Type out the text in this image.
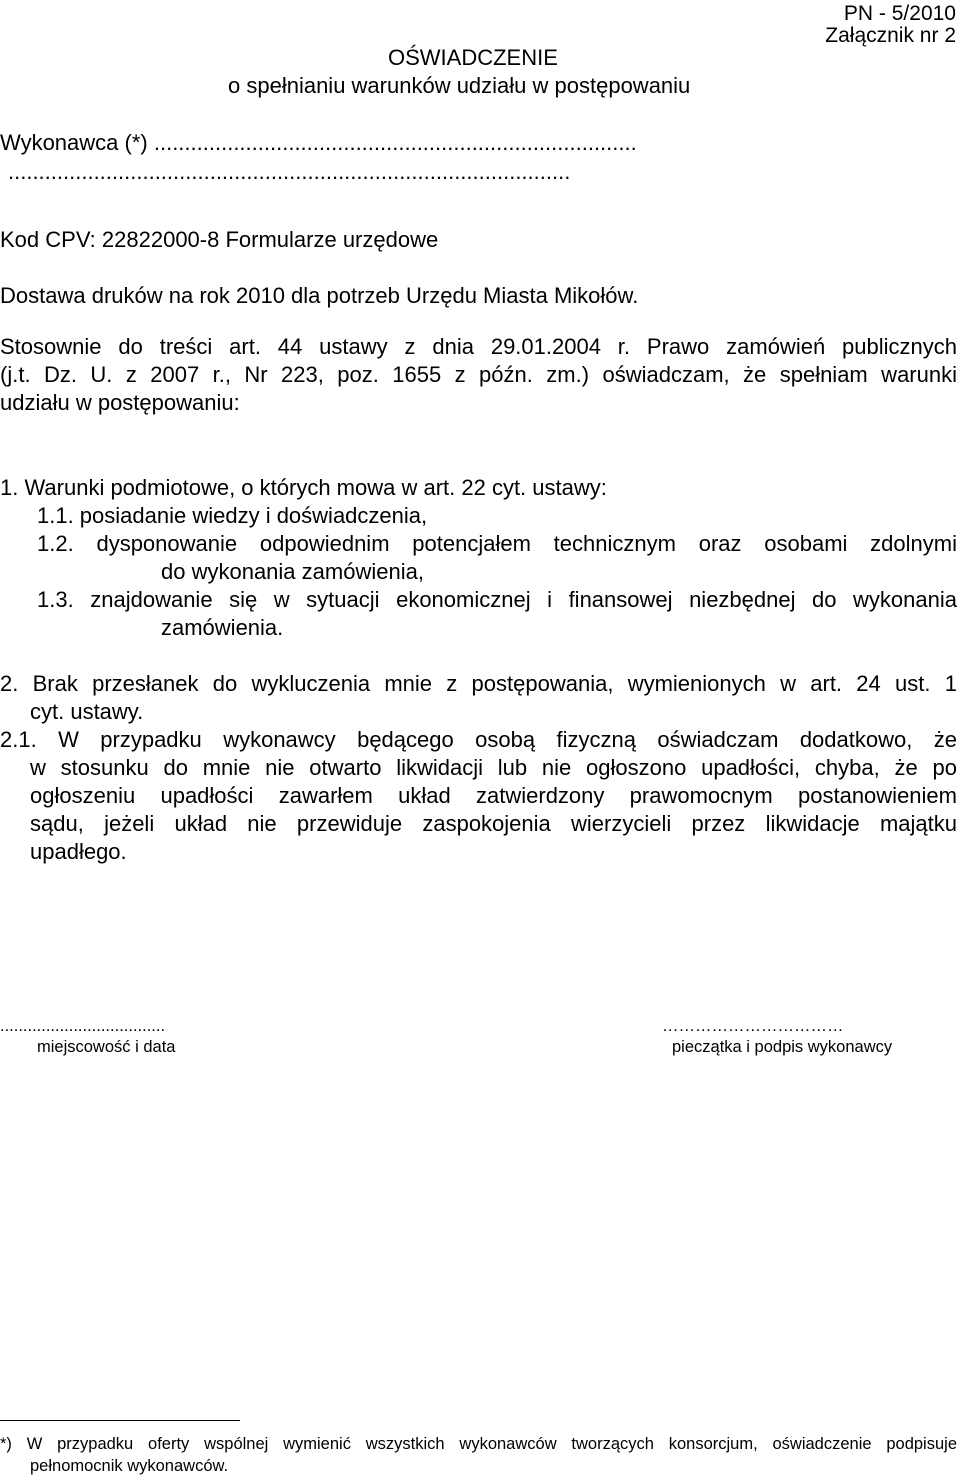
PN - 5/2010
Załącznik nr 2
OŚWIADCZENIE
o spełnianiu warunków udziału w postępowaniu
Wykonawca (*) ...............................................................................
............................................................................................
Kod CPV: 22822000-8 Formularze urzędowe
Dostawa druków na rok 2010 dla potrzeb Urzędu Miasta Mikołów.
Stosownie do treści art. 44 ustawy z dnia 29.01.2004 r. Prawo zamówień publicznych
(j.t. Dz. U. z 2007 r., Nr 223, poz. 1655 z późn. zm.) oświadczam, że spełniam warunki
udziału w postępowaniu:
1. Warunki podmiotowe, o których mowa w art. 22 cyt. ustawy:
1.1. posiadanie wiedzy i doświadczenia,
1.2. dysponowanie odpowiednim potencjałem technicznym oraz osobami zdolnymi
do wykonania zamówienia,
1.3. znajdowanie się w sytuacji ekonomicznej i finansowej niezbędnej do wykonania
zamówienia.
2. Brak przesłanek do wykluczenia mnie z postępowania, wymienionych w art. 24 ust. 1
cyt. ustawy.
2.1. W przypadku wykonawcy będącego osobą fizyczną oświadczam dodatkowo, że
w stosunku do mnie nie otwarto likwidacji lub nie ogłoszono upadłości, chyba, że po
ogłoszeniu upadłości zawarłem układ zatwierdzony prawomocnym postanowieniem
sądu, jeżeli układ nie przewiduje zaspokojenia wierzycieli przez likwidacje majątku
upadłego.
....................................
miejscowość i data
……………………………
pieczątka i podpis wykonawcy
*) W przypadku oferty wspólnej wymienić wszystkich wykonawców tworzących konsorcjum, oświadczenie podpisuje
pełnomocnik wykonawców.
